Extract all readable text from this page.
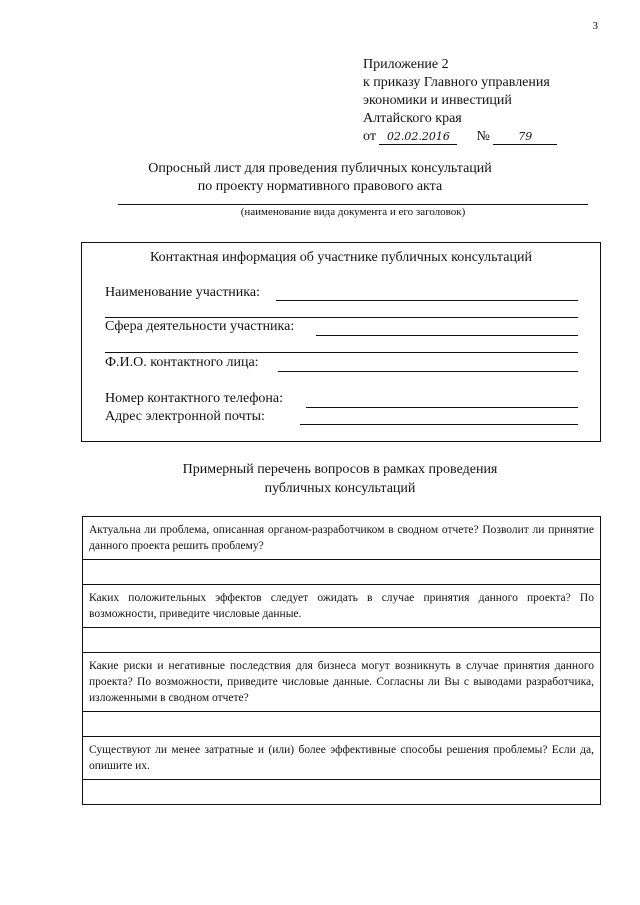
3
Приложение 2
к приказу Главного управления
экономики и инвестиций
Алтайского края
от 02.02.2016 №	79
Опросный лист для проведения публичных консультаций
по проекту нормативного правового акта
(наименование вида документа и его заголовок)
Контактная информация об участнике публичных консультаций
Наименование участника:
Сфера деятельности участника:
Ф.И.О. контактного лица:
Номер контактного телефона:
Адрес электронной почты:
Примерный перечень вопросов в рамках проведения
публичных консультаций
Актуальна ли проблема, описанная органом-разработчиком в сводном отчете? Позволит ли принятие данного проекта решить проблему?

Каких положительных эффектов следует ожидать в случае принятия данного проекта? По возможности, приведите числовые данные.

Какие риски и негативные последствия для бизнеса могут возникнуть в случае принятия данного проекта? По возможности, приведите числовые данные. Согласны ли Вы с выводами разработчика, изложенными в сводном отчете?

Существуют ли менее затратные и (или) более эффективные способы решения проблемы? Если да, опишите их.
